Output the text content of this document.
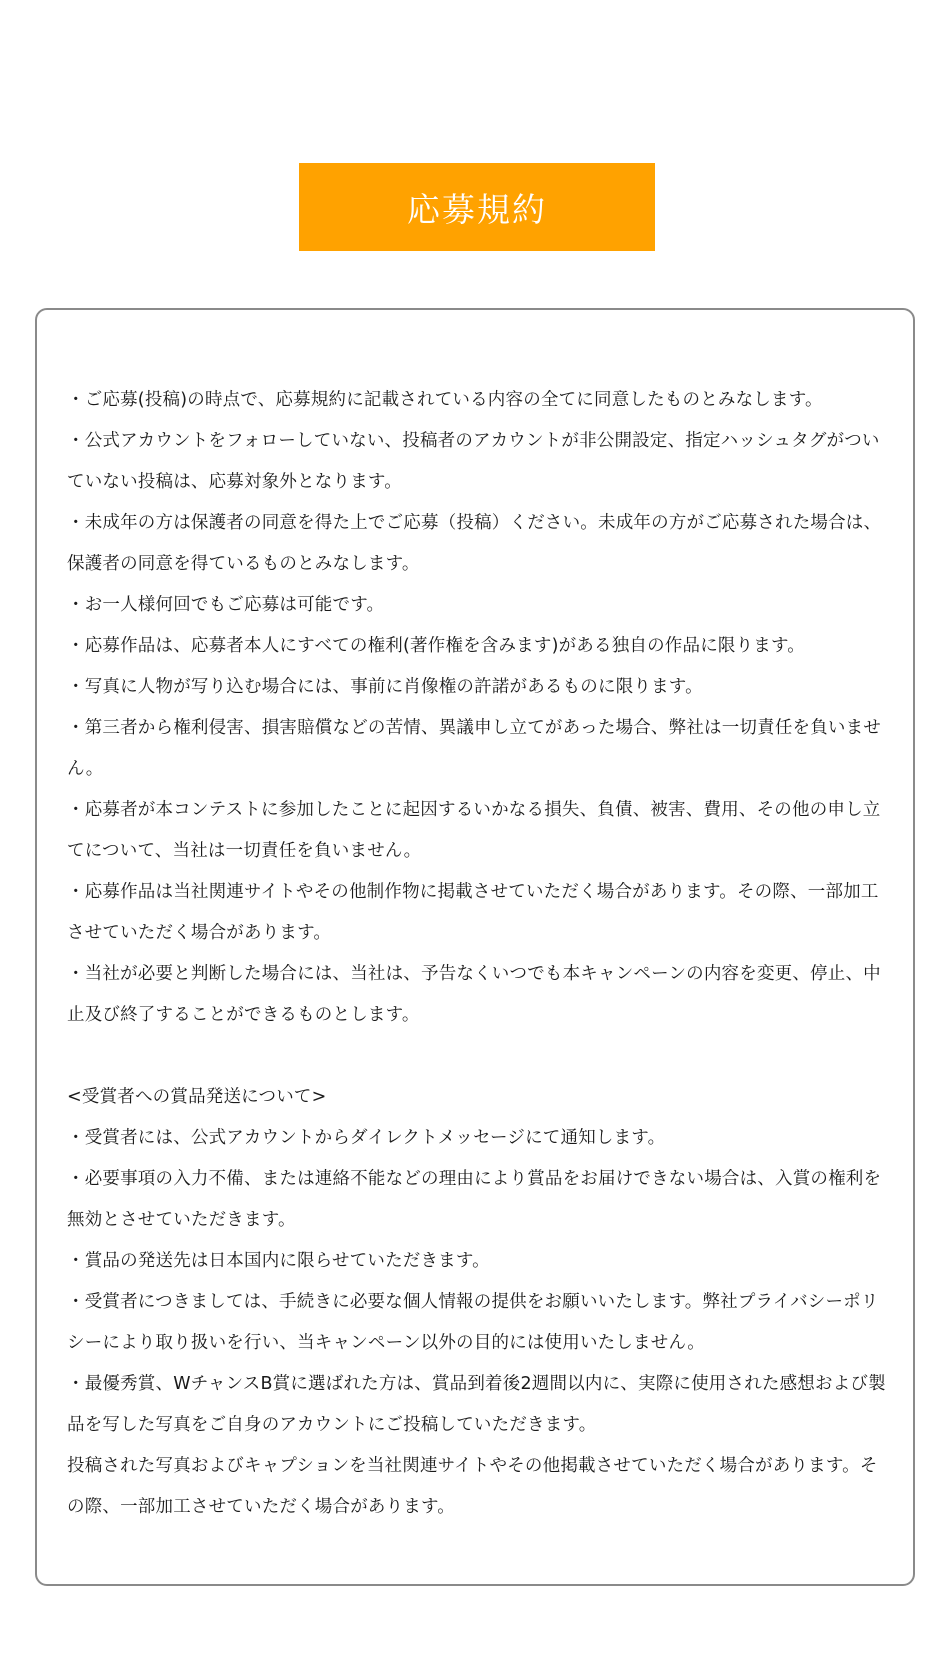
応募規約

・ご応募(投稿)の時点で、応募規約に記載されている内容の全てに同意したものとみなします。

・公式アカウントをフォローしていない、投稿者のアカウントが非公開設定、指定ハッシュタグがついていない投稿は、応募対象外となります。

・未成年の方は保護者の同意を得た上でご応募（投稿）ください。未成年の方がご応募された場合は、保護者の同意を得ているものとみなします。

・お一人様何回でもご応募は可能です。

・応募作品は、応募者本人にすべての権利(著作権を含みます)がある独自の作品に限ります。

・写真に人物が写り込む場合には、事前に肖像権の許諾があるものに限ります。

・第三者から権利侵害、損害賠償などの苦情、異議申し立てがあった場合、弊社は一切責任を負いません。

・応募者が本コンテストに参加したことに起因するいかなる損失、負債、被害、費用、その他の申し立てについて、当社は一切責任を負いません。

・応募作品は当社関連サイトやその他制作物に掲載させていただく場合があります。その際、一部加工させていただく場合があります。

・当社が必要と判断した場合には、当社は、予告なくいつでも本キャンペーンの内容を変更、停止、中止及び終了することができるものとします。

<受賞者への賞品発送について>

・受賞者には、公式アカウントからダイレクトメッセージにて通知します。

・必要事項の入力不備、または連絡不能などの理由により賞品をお届けできない場合は、入賞の権利を無効とさせていただきます。

・賞品の発送先は日本国内に限らせていただきます。

・受賞者につきましては、手続きに必要な個人情報の提供をお願いいたします。弊社プライバシーポリシーにより取り扱いを行い、当キャンペーン以外の目的には使用いたしません。

・最優秀賞、WチャンスB賞に選ばれた方は、賞品到着後2週間以内に、実際に使用された感想および製品を写した写真をご自身のアカウントにご投稿していただきます。

投稿された写真およびキャプションを当社関連サイトやその他掲載させていただく場合があります。その際、一部加工させていただく場合があります。
